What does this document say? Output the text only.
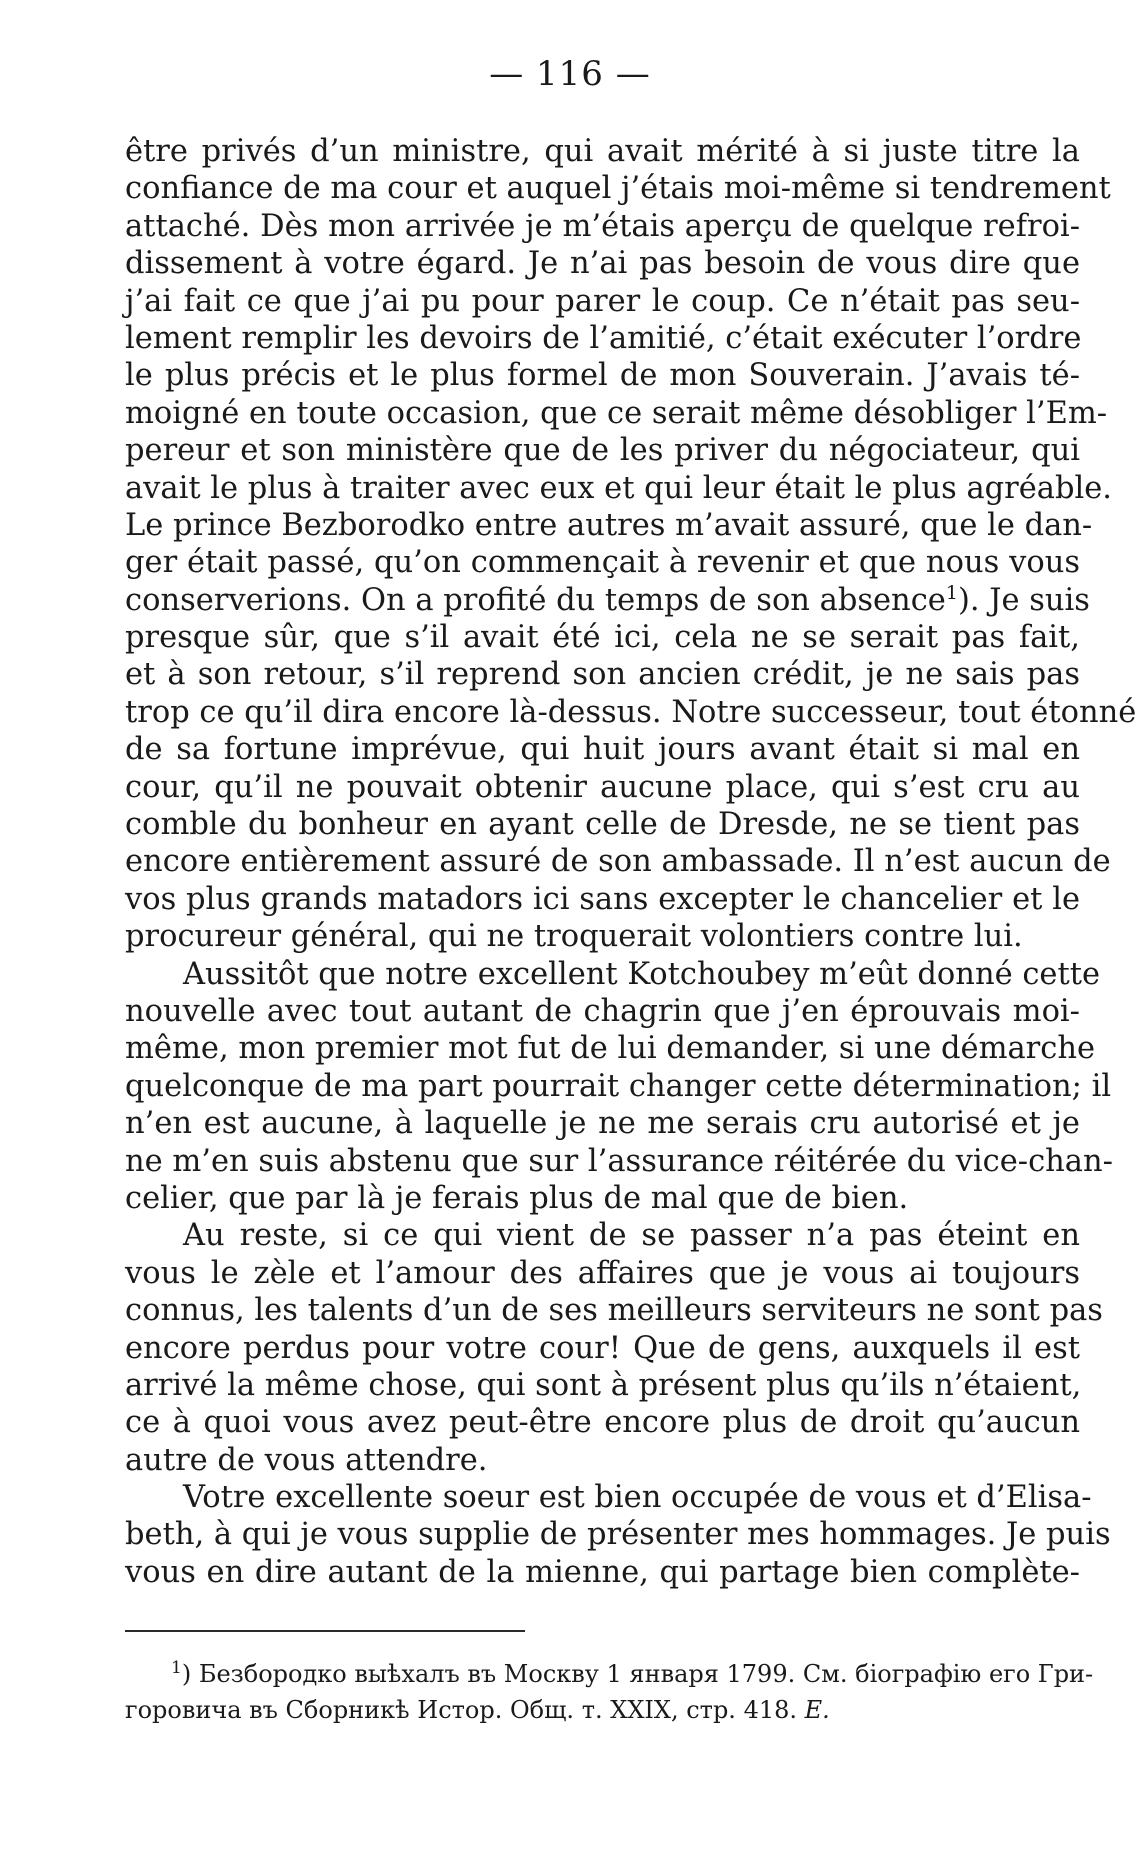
— 116 —
être privés d’un ministre, qui avait mérité à si juste titre la
confiance de ma cour et auquel j’étais moi-même si tendrement
attaché. Dès mon arrivée je m’étais aperçu de quelque refroi-
dissement à votre égard. Je n’ai pas besoin de vous dire que
j’ai fait ce que j’ai pu pour parer le coup. Ce n’était pas seu-
lement remplir les devoirs de l’amitié, c’était exécuter l’ordre
le plus précis et le plus formel de mon Souverain. J’avais té-
moigné en toute occasion, que ce serait même désobliger l’Em-
pereur et son ministère que de les priver du négociateur, qui
avait le plus à traiter avec eux et qui leur était le plus agréable.
Le prince Bezborodko entre autres m’avait assuré, que le dan-
ger était passé, qu’on commençait à revenir et que nous vous
conserverions. On a profité du temps de son absence$^1$). Je suis
presque sûr, que s’il avait été ici, cela ne se serait pas fait,
et à son retour, s’il reprend son ancien crédit, je ne sais pas
trop ce qu’il dira encore là-dessus. Notre successeur, tout étonné
de sa fortune imprévue, qui huit jours avant était si mal en
cour, qu’il ne pouvait obtenir aucune place, qui s’est cru au
comble du bonheur en ayant celle de Dresde, ne se tient pas
encore entièrement assuré de son ambassade. Il n’est aucun de
vos plus grands matadors ici sans excepter le chancelier et le
procureur général, qui ne troquerait volontiers contre lui.
Aussitôt que notre excellent Kotchoubey m’eût donné cette
nouvelle avec tout autant de chagrin que j’en éprouvais moi-
même, mon premier mot fut de lui demander, si une démarche
quelconque de ma part pourrait changer cette détermination; il
n’en est aucune, à laquelle je ne me serais cru autorisé et je
ne m’en suis abstenu que sur l’assurance réitérée du vice-chan-
celier, que par là je ferais plus de mal que de bien.
Au reste, si ce qui vient de se passer n’a pas éteint en
vous le zèle et l’amour des affaires que je vous ai toujours
connus, les talents d’un de ses meilleurs serviteurs ne sont pas
encore perdus pour votre cour! Que de gens, auxquels il est
arrivé la même chose, qui sont à présent plus qu’ils n’étaient,
ce à quoi vous avez peut-être encore plus de droit qu’aucun
autre de vous attendre.
Votre excellente soeur est bien occupée de vous et d’Elisa-
beth, à qui je vous supplie de présenter mes hommages. Je puis
vous en dire autant de la mienne, qui partage bien complète-
$^1$) Безбородко выѣхалъ въ Москву 1 января 1799. См. біографію его Гри-
горовича въ Сборникѣ Истор. Общ. т. XXIX, стр. 418. Е.
